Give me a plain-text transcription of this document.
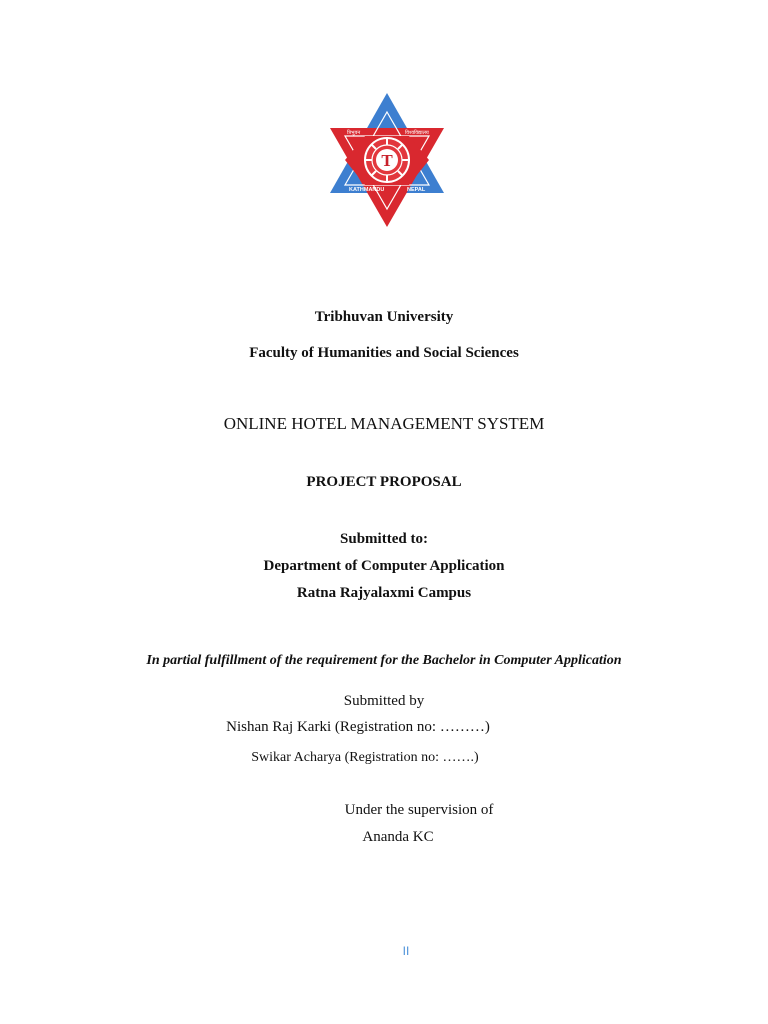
T
त्रिभुवन	विश्वविद्यालय
KATHMANDU	NEPAL
Tribhuvan University
Faculty of Humanities and Social Sciences
ONLINE HOTEL MANAGEMENT SYSTEM
PROJECT PROPOSAL
Submitted to:
Department of Computer Application
Ratna Rajyalaxmi Campus
In partial fulfillment of the requirement for the Bachelor in Computer Application
Submitted by
Nishan Raj Karki (Registration no: ………)
Swikar Acharya (Registration no: …….)
Under the supervision of
Ananda KC
II
